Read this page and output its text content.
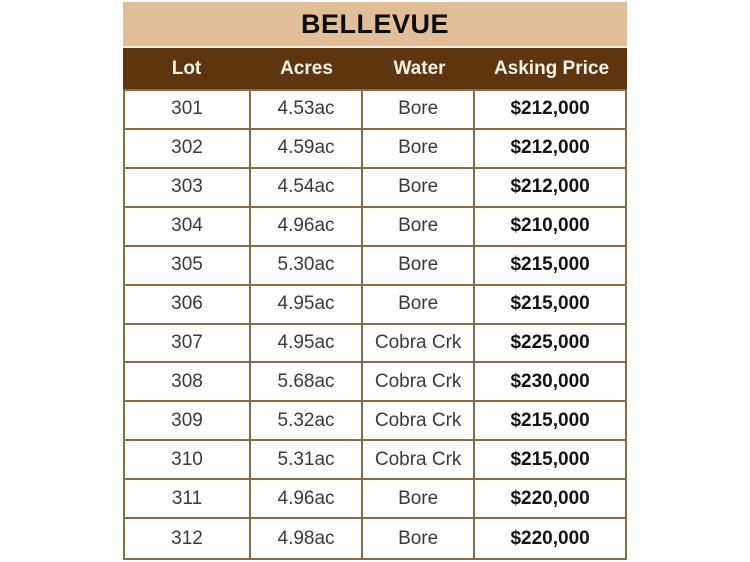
BELLEVUE
Lot	Acres	Water	Asking Price
301	4.53ac	Bore	$212,000
302	4.59ac	Bore	$212,000
303	4.54ac	Bore	$212,000
304	4.96ac	Bore	$210,000
305	5.30ac	Bore	$215,000
306	4.95ac	Bore	$215,000
307	4.95ac	Cobra Crk	$225,000
308	5.68ac	Cobra Crk	$230,000
309	5.32ac	Cobra Crk	$215,000
310	5.31ac	Cobra Crk	$215,000
311	4.96ac	Bore	$220,000
312	4.98ac	Bore	$220,000
